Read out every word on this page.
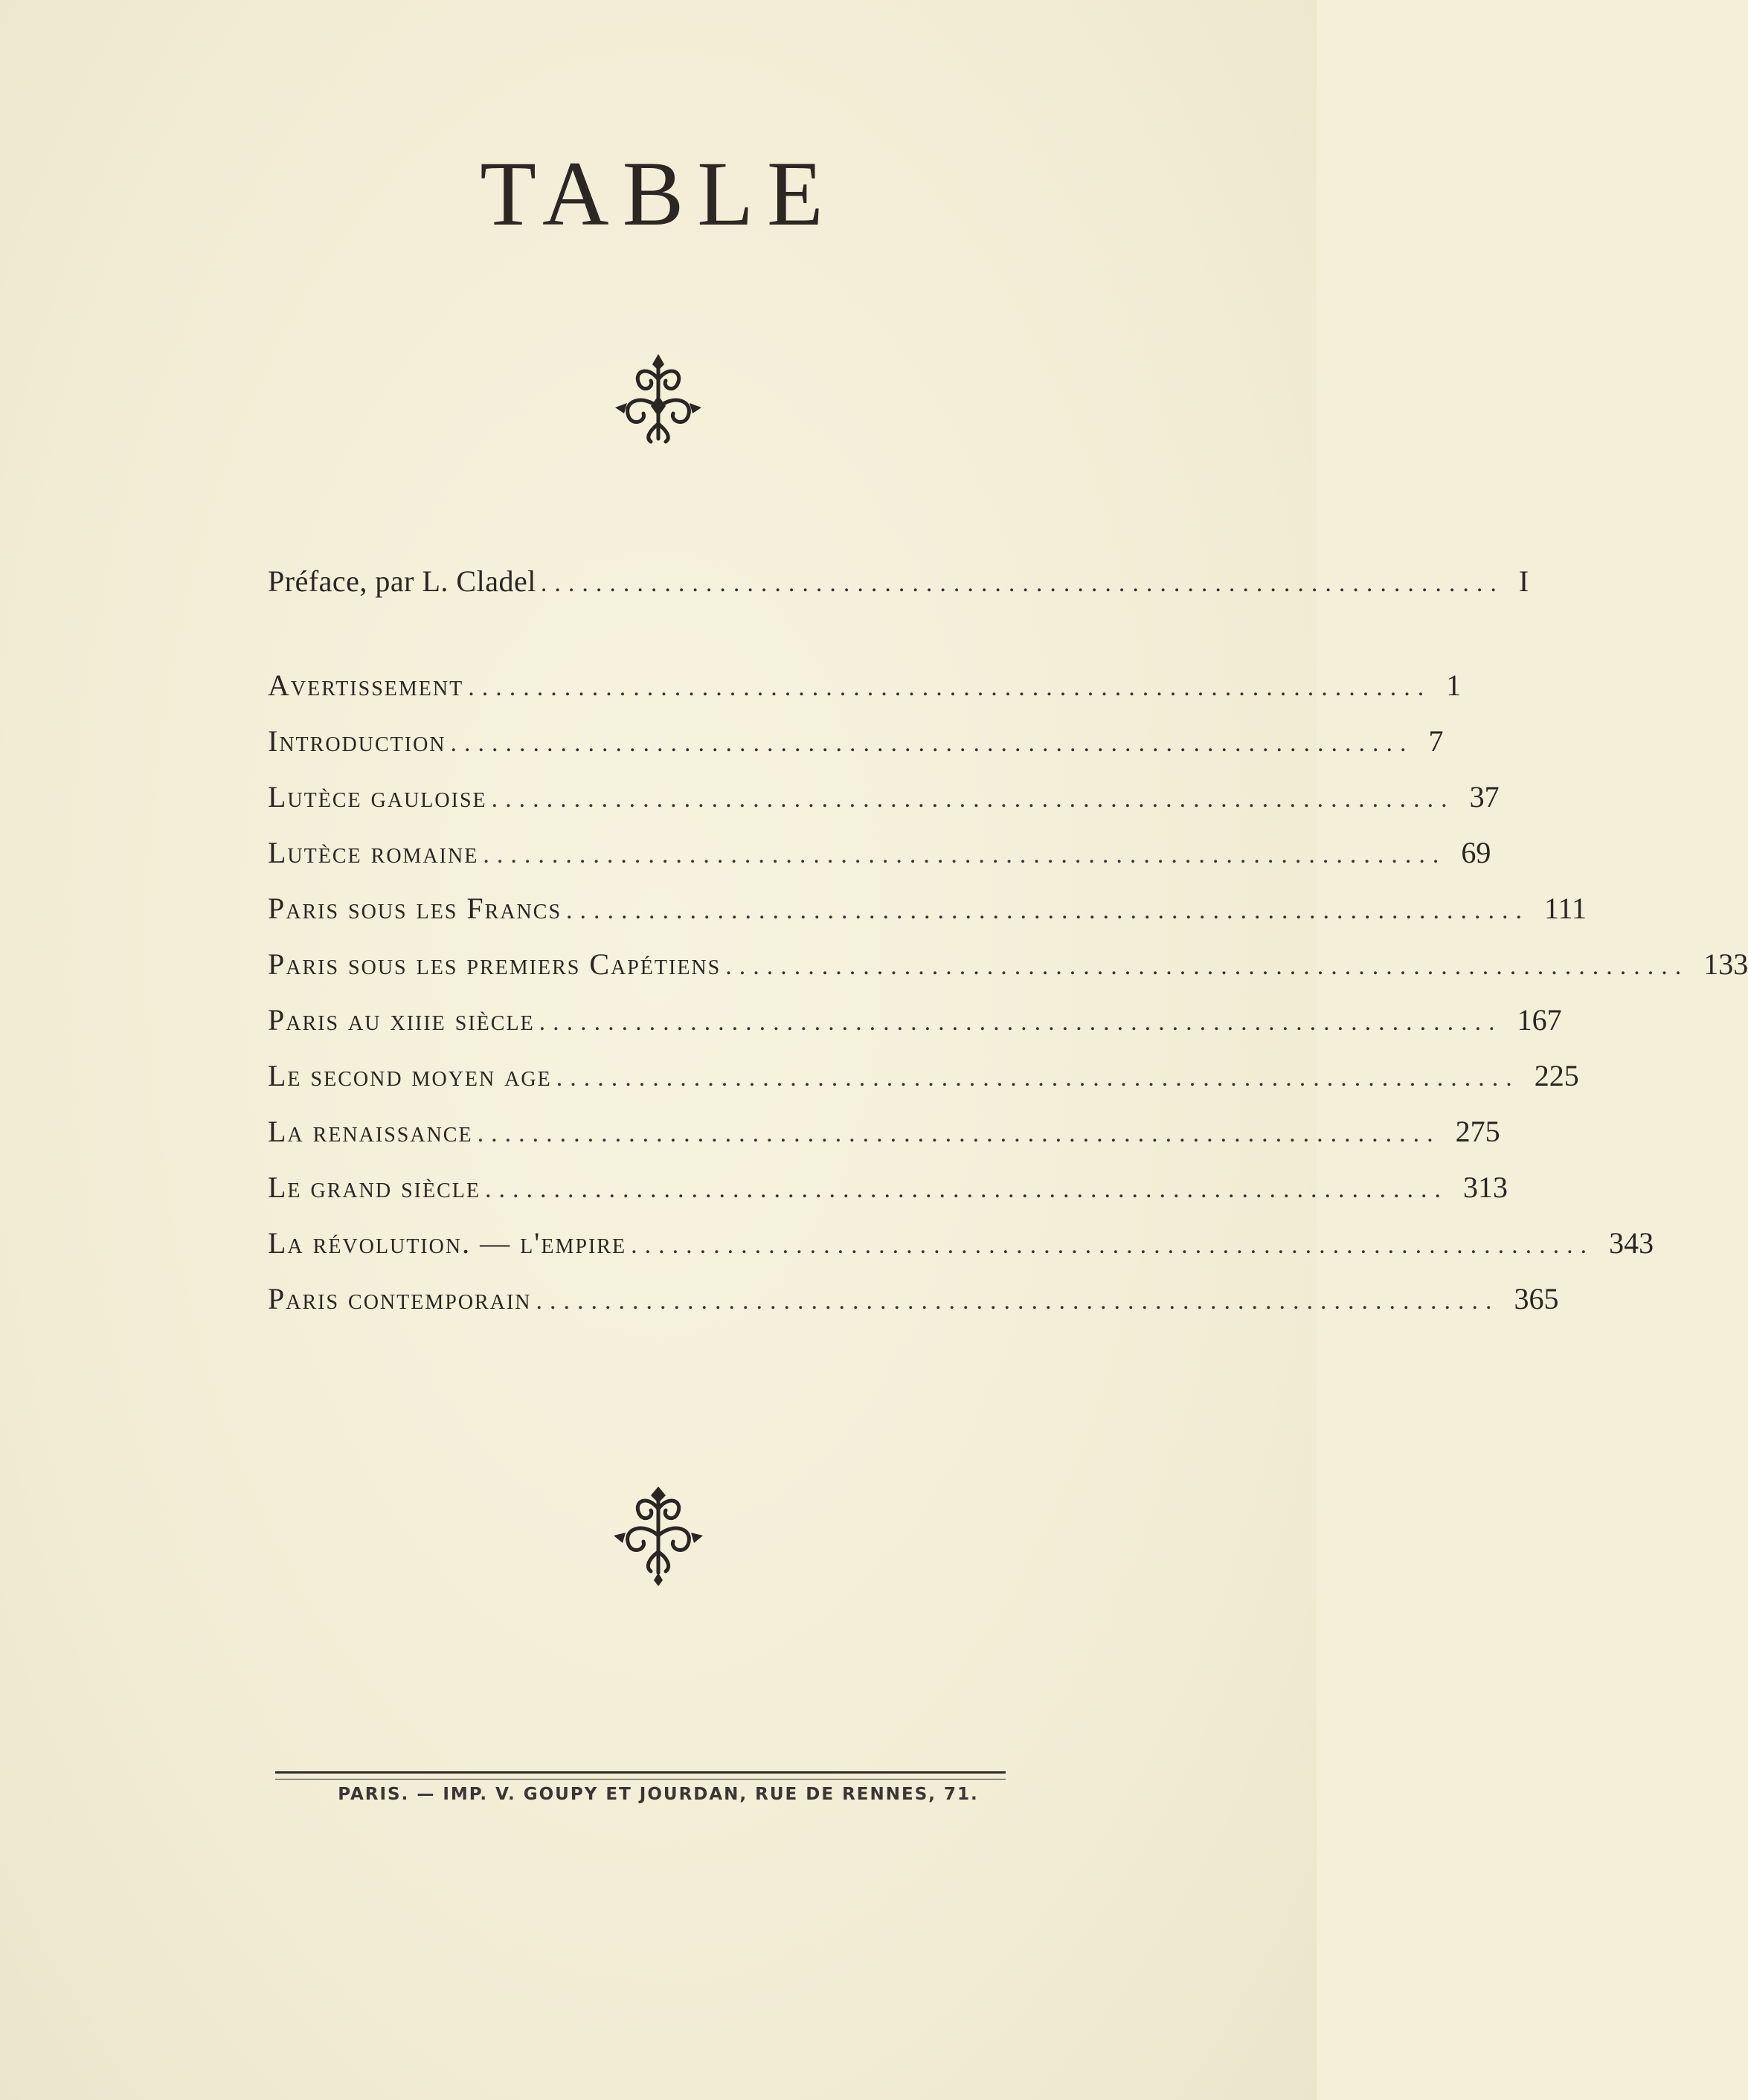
TABLE
Préface, par L. Cladel ...................................................................... I
Avertissement ...................................................................... 1
Introduction ...................................................................... 7
Lutèce gauloise ...................................................................... 37
Lutèce romaine ...................................................................... 69
Paris sous les Francs ...................................................................... 111
Paris sous les premiers Capétiens ...................................................................... 133
Paris au xiiie siècle ...................................................................... 167
Le second moyen age ...................................................................... 225
La renaissance ...................................................................... 275
Le grand siècle ...................................................................... 313
La révolution. — l'empire ...................................................................... 343
Paris contemporain ...................................................................... 365
PARIS. — IMP. V. GOUPY ET JOURDAN, RUE DE RENNES, 71.
